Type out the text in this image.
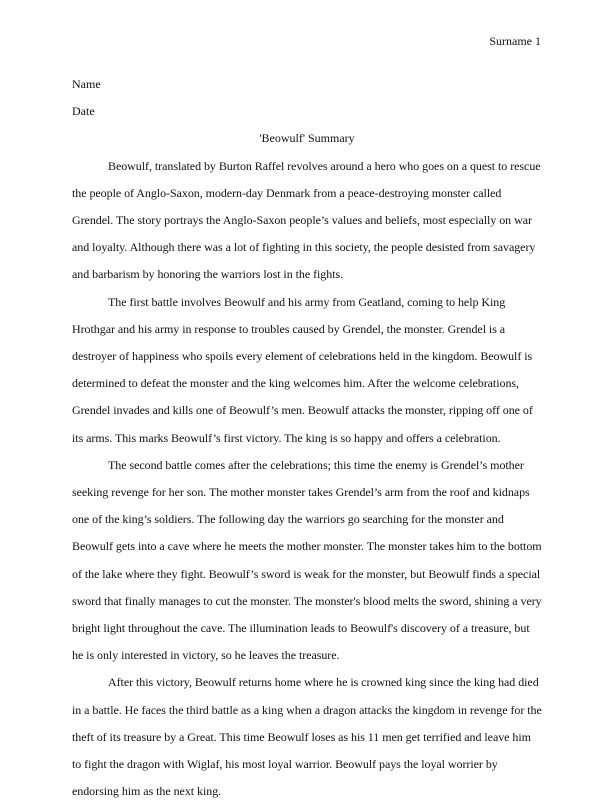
Surname 1

Name

Date

'Beowulf' Summary

Beowulf, translated by Burton Raffel revolves around a hero who goes on a quest to rescue the people of Anglo-Saxon, modern-day Denmark from a peace-destroying monster called Grendel. The story portrays the Anglo-Saxon people’s values and beliefs, most especially on war and loyalty. Although there was a lot of fighting in this society, the people desisted from savagery and barbarism by honoring the warriors lost in the fights.

The first battle involves Beowulf and his army from Geatland, coming to help King Hrothgar and his army in response to troubles caused by Grendel, the monster. Grendel is a destroyer of happiness who spoils every element of celebrations held in the kingdom. Beowulf is determined to defeat the monster and the king welcomes him. After the welcome celebrations, Grendel invades and kills one of Beowulf’s men. Beowulf attacks the monster, ripping off one of its arms. This marks Beowulf’s first victory. The king is so happy and offers a celebration.

The second battle comes after the celebrations; this time the enemy is Grendel’s mother seeking revenge for her son. The mother monster takes Grendel’s arm from the roof and kidnaps one of the king’s soldiers. The following day the warriors go searching for the monster and Beowulf gets into a cave where he meets the mother monster. The monster takes him to the bottom of the lake where they fight. Beowulf’s sword is weak for the monster, but Beowulf finds a special sword that finally manages to cut the monster. The monster's blood melts the sword, shining a very bright light throughout the cave. The illumination leads to Beowulf's discovery of a treasure, but he is only interested in victory, so he leaves the treasure.

After this victory, Beowulf returns home where he is crowned king since the king had died in a battle. He faces the third battle as a king when a dragon attacks the kingdom in revenge for the theft of its treasure by a Great. This time Beowulf loses as his 11 men get terrified and leave him to fight the dragon with Wiglaf, his most loyal warrior. Beowulf pays the loyal worrier by endorsing him as the next king.
